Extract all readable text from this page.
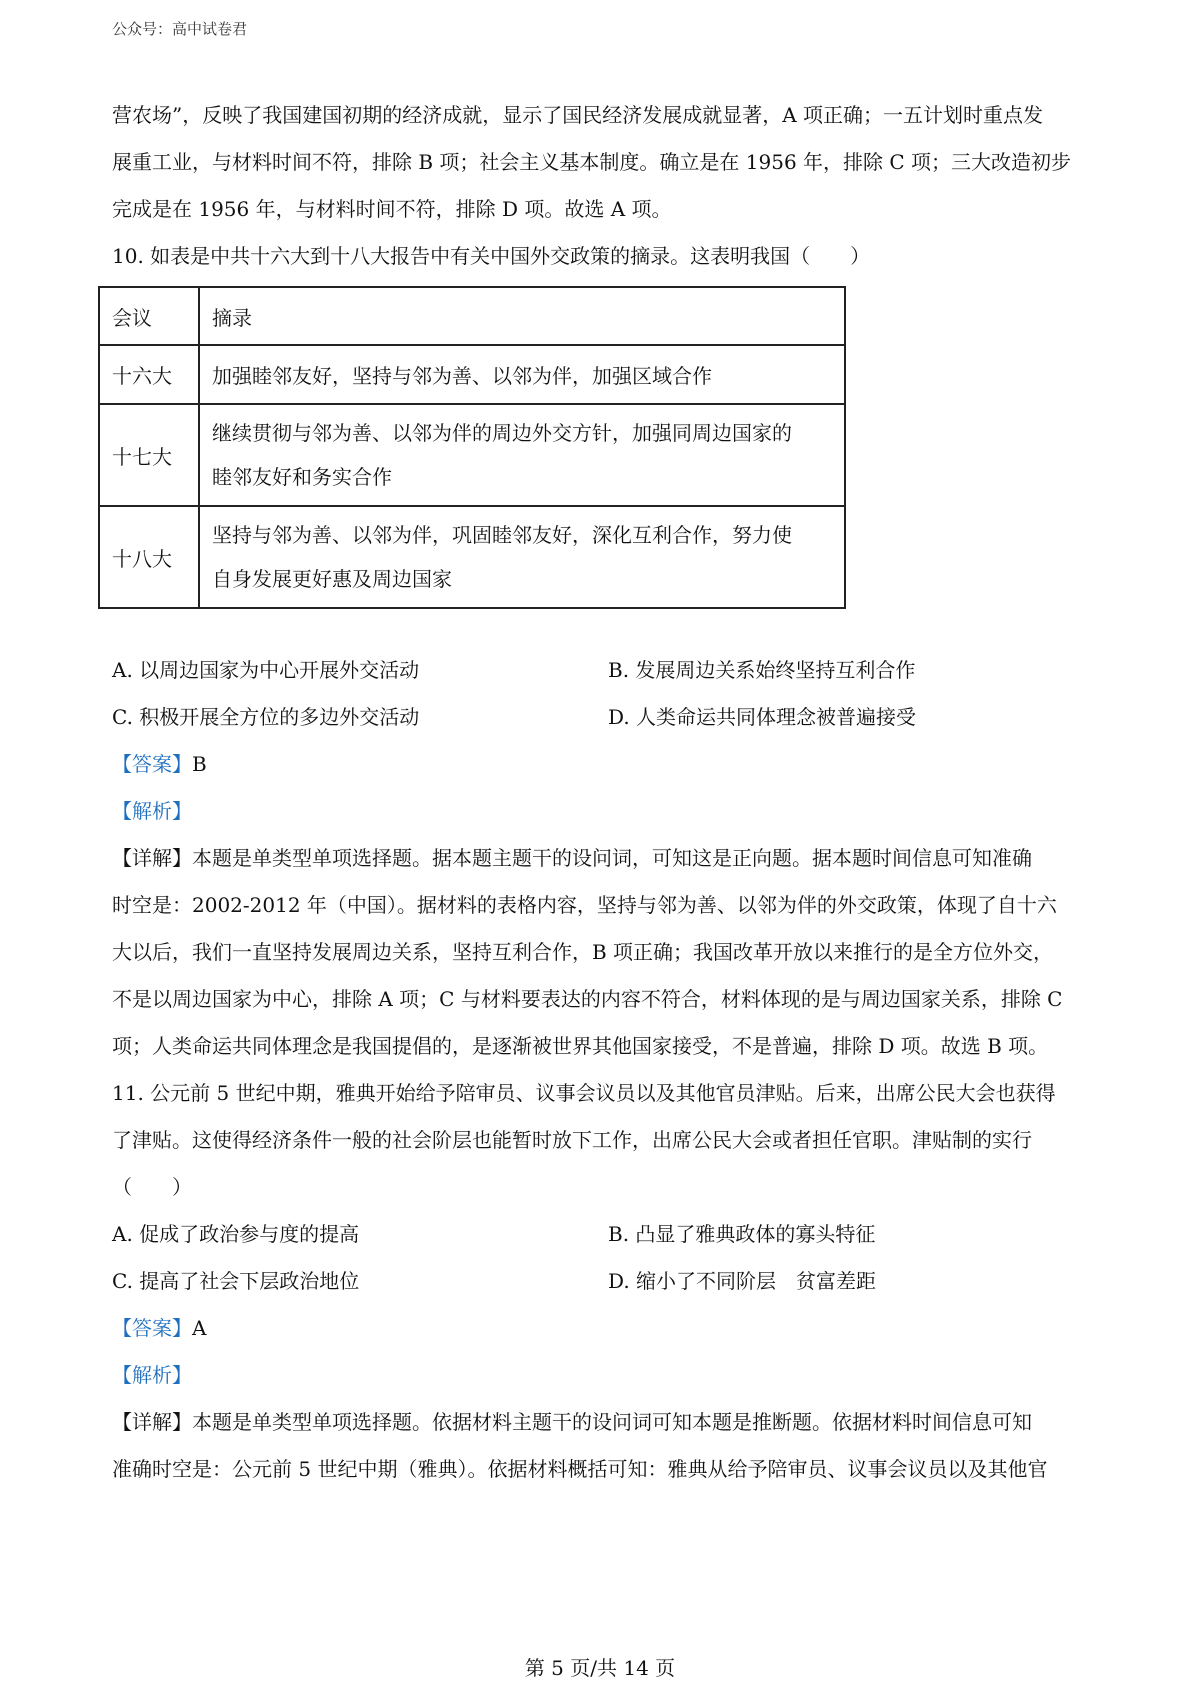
公众号：高中试卷君

营农场”，反映了我国建国初期的经济成就，显示了国民经济发展成就显著，A 项正确；一五计划时重点发

展重工业，与材料时间不符，排除 B 项；社会主义基本制度。确立是在 1956 年，排除 C 项；三大改造初步

完成是在 1956 年，与材料时间不符，排除 D 项。故选 A 项。

10. 如表是中共十六大到十八大报告中有关中国外交政策的摘录。这表明我国（　　）

会议	摘录
十六大	加强睦邻友好，坚持与邻为善、以邻为伴，加强区域合作

十七大	继续贯彻与邻为善、以邻为伴的周边外交方针，加强同周边国家的
睦邻友好和务实合作

十八大	坚持与邻为善、以邻为伴，巩固睦邻友好，深化互利合作，努力使
自身发展更好惠及周边国家
A. 以周边国家为中心开展外交活动	B. 发展周边关系始终坚持互利合作
C. 积极开展全方位的多边外交活动	D. 人类命运共同体理念被普遍接受

【答案】B

【解析】

【详解】本题是单类型单项选择题。据本题主题干的设问词，可知这是正向题。据本题时间信息可知准确

时空是：2002-2012 年（中国）。据材料的表格内容，坚持与邻为善、以邻为伴的外交政策，体现了自十六

大以后，我们一直坚持发展周边关系，坚持互利合作，B 项正确；我国改革开放以来推行的是全方位外交，

不是以周边国家为中心，排除 A 项；C 与材料要表达的内容不符合，材料体现的是与周边国家关系，排除 C

项；人类命运共同体理念是我国提倡的，是逐渐被世界其他国家接受，不是普遍，排除 D 项。故选 B 项。

11. 公元前 5 世纪中期，雅典开始给予陪审员、议事会议员以及其他官员津贴。后来，出席公民大会也获得

了津贴。这使得经济条件一般的社会阶层也能暂时放下工作，出席公民大会或者担任官职。津贴制的实行

（　　）

A. 促成了政治参与度的提高	B. 凸显了雅典政体的寡头特征
C. 提高了社会下层政治地位	D. 缩小了不同阶层　贫富差距

【答案】A

【解析】

【详解】本题是单类型单项选择题。依据材料主题干的设问词可知本题是推断题。依据材料时间信息可知

准确时空是：公元前 5 世纪中期（雅典）。依据材料概括可知：雅典从给予陪审员、议事会议员以及其他官

第 5 页/共 14 页
